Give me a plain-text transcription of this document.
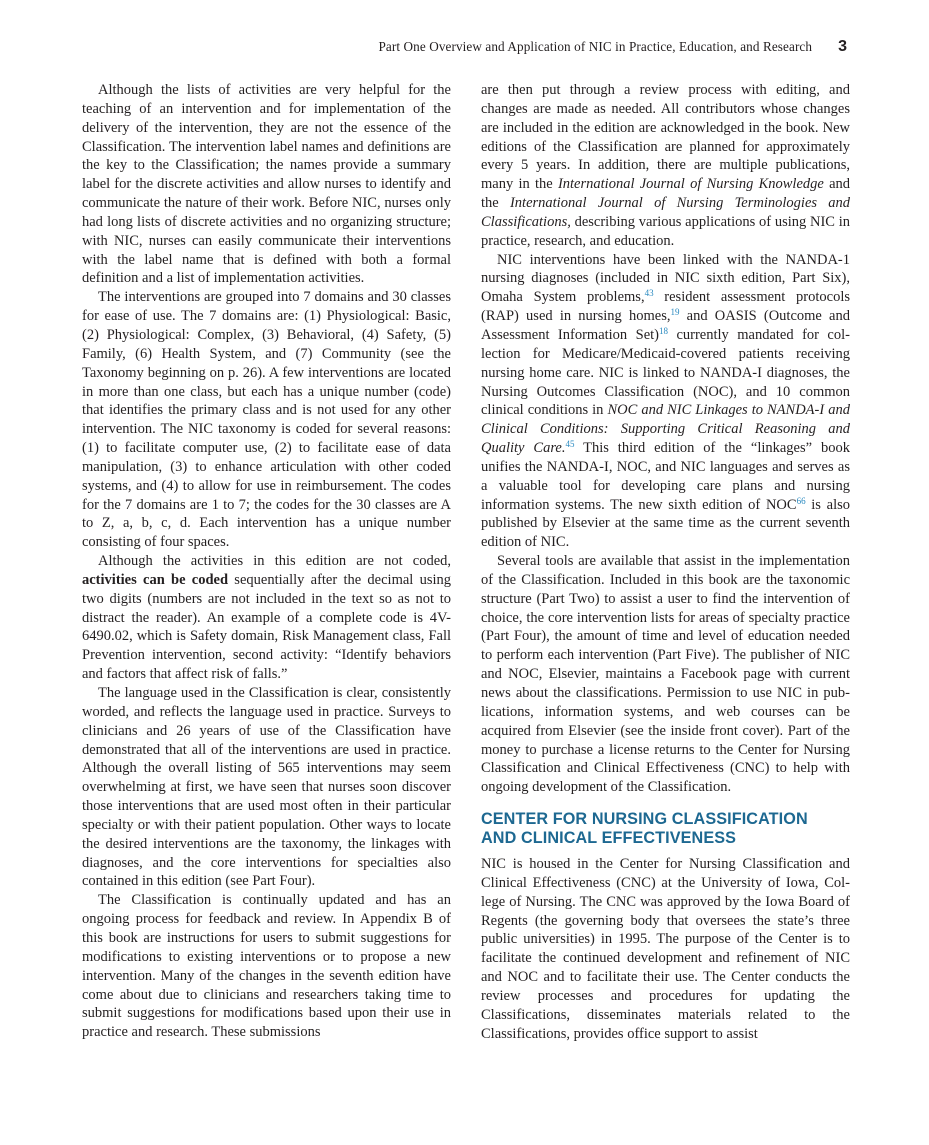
Part One Overview and Application of NIC in Practice, Education, and Research 3

Although the lists of activities are very helpful for the teaching of an intervention and for implementation of the delivery of the intervention, they are not the essence of the Classification. The intervention label names and definitions are the key to the Classification; the names provide a summary label for the discrete activities and allow nurses to identify and communicate the nature of their work. Before NIC, nurses only had long lists of discrete activities and no organizing structure; with NIC, nurses can easily communicate their interventions with the label name that is defined with both a formal definition and a list of implementation activities.

The interventions are grouped into 7 domains and 30 classes for ease of use. The 7 domains are: (1) Physiological: Basic, (2) Physiological: Complex, (3) Behavioral, (4) Safety, (5) Family, (6) Health System, and (7) Community (see the Taxonomy beginning on p. 26). A few interventions are located in more than one class, but each has a unique number (code) that identifies the primary class and is not used for any other intervention. The NIC taxonomy is coded for several reasons: (1) to facilitate computer use, (2) to facilitate ease of data manipulation, (3) to enhance articulation with other coded systems, and (4) to allow for use in reimbursement. The codes for the 7 domains are 1 to 7; the codes for the 30 classes are A to Z, a, b, c, d. Each intervention has a unique number consisting of four spaces.

Although the activities in this edition are not coded, activities can be coded sequentially after the decimal using two digits (numbers are not included in the text so as not to distract the reader). An example of a complete code is 4V-6490.02, which is Safety domain, Risk Management class, Fall Prevention intervention, second activity: “Identify behaviors and factors that affect risk of falls.”

The language used in the Classification is clear, consistently worded, and reflects the language used in practice. Surveys to clinicians and 26 years of use of the Classification have demonstrated that all of the interventions are used in practice. Although the overall listing of 565 interventions may seem overwhelming at first, we have seen that nurses soon discover those interventions that are used most often in their particular specialty or with their patient population. Other ways to locate the desired interventions are the taxonomy, the linkages with diagnoses, and the core interventions for specialties also contained in this edition (see Part Four).

The Classification is continually updated and has an ongoing process for feedback and review. In Appendix B of this book are instructions for users to submit suggestions for modifications to existing interventions or to propose a new intervention. Many of the changes in the seventh edition have come about due to clinicians and researchers taking time to submit suggestions for modifications based upon their use in practice and research. These submissions

are then put through a review process with editing, and changes are made as needed. All contributors whose changes are included in the edition are acknowledged in the book. New editions of the Classification are planned for approximately every 5 years. In addition, there are multiple publications, many in the International Journal of Nursing Knowledge and the International Journal of Nursing Terminologies and Classifications, describing various applications of using NIC in practice, research, and education.

NIC interventions have been linked with the NANDA-1 nursing diagnoses (included in NIC sixth edition, Part Six), Omaha System problems,$^{43}$ resident assessment protocols (RAP) used in nursing homes,$^{19}$ and OASIS (Outcome and Assessment Information Set)$^{18}$ currently mandated for collection for Medicare/Medicaid-covered patients receiving nursing home care. NIC is linked to NANDA-I diagnoses, the Nursing Outcomes Classification (NOC), and 10 common clinical conditions in NOC and NIC Linkages to NANDA-I and Clinical Conditions: Supporting Critical Reasoning and Quality Care.$^{45}$ This third edition of the “linkages” book unifies the NANDA-I, NOC, and NIC languages and serves as a valuable tool for developing care plans and nursing information systems. The new sixth edition of NOC$^{66}$ is also published by Elsevier at the same time as the current seventh edition of NIC.

Several tools are available that assist in the implementation of the Classification. Included in this book are the taxonomic structure (Part Two) to assist a user to find the intervention of choice, the core intervention lists for areas of specialty practice (Part Four), the amount of time and level of education needed to perform each intervention (Part Five). The publisher of NIC and NOC, Elsevier, maintains a Facebook page with current news about the classifications. Permission to use NIC in publications, information systems, and web courses can be acquired from Elsevier (see the inside front cover). Part of the money to purchase a license returns to the Center for Nursing Classification and Clinical Effectiveness (CNC) to help with ongoing development of the Classification.

CENTER FOR NURSING CLASSIFICATION
AND CLINICAL EFFECTIVENESS

NIC is housed in the Center for Nursing Classification and Clinical Effectiveness (CNC) at the University of Iowa, College of Nursing. The CNC was approved by the Iowa Board of Regents (the governing body that oversees the state’s three public universities) in 1995. The purpose of the Center is to facilitate the continued development and refinement of NIC and NOC and to facilitate their use. The Center conducts the review processes and procedures for updating the Classifications, disseminates materials related to the Classifications, provides office support to assist
